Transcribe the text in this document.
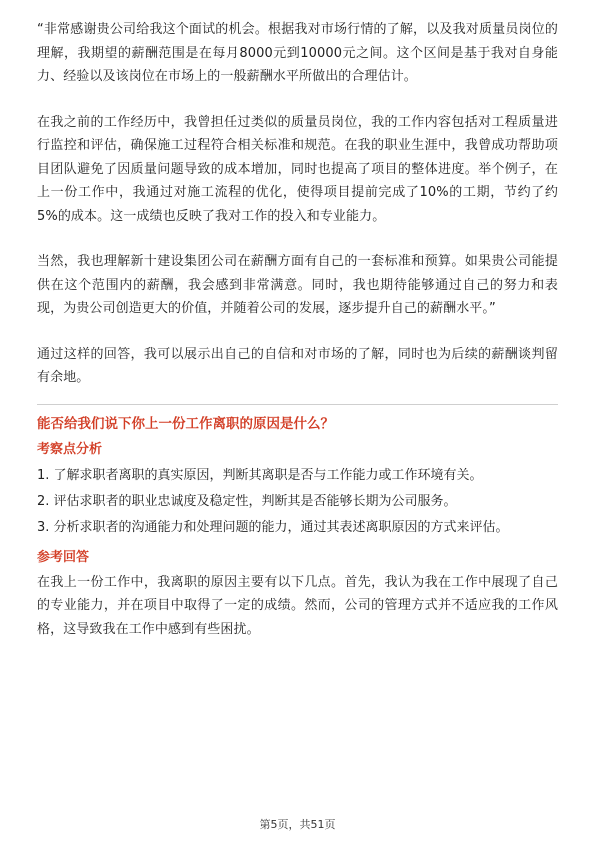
“非常感谢贵公司给我这个面试的机会。根据我对市场行情的了解，以及我对质量员岗位的理解，我期望的薪酬范围是在每月8000元到10000元之间。这个区间是基于我对自身能力、经验以及该岗位在市场上的一般薪酬水平所做出的合理估计。

在我之前的工作经历中，我曾担任过类似的质量员岗位，我的工作内容包括对工程质量进行监控和评估，确保施工过程符合相关标准和规范。在我的职业生涯中，我曾成功帮助项目团队避免了因质量问题导致的成本增加，同时也提高了项目的整体进度。举个例子，在上一份工作中，我通过对施工流程的优化，使得项目提前完成了10%的工期，节约了约5%的成本。这一成绩也反映了我对工作的投入和专业能力。

当然，我也理解新十建设集团公司在薪酬方面有自己的一套标准和预算。如果贵公司能提供在这个范围内的薪酬，我会感到非常满意。同时，我也期待能够通过自己的努力和表现，为贵公司创造更大的价值，并随着公司的发展，逐步提升自己的薪酬水平。”

通过这样的回答，我可以展示出自己的自信和对市场的了解，同时也为后续的薪酬谈判留有余地。

能否给我们说下你上一份工作离职的原因是什么？
考察点分析
1. 了解求职者离职的真实原因，判断其离职是否与工作能力或工作环境有关。
2. 评估求职者的职业忠诚度及稳定性，判断其是否能够长期为公司服务。
3. 分析求职者的沟通能力和处理问题的能力，通过其表述离职原因的方式来评估。
参考回答

在我上一份工作中，我离职的原因主要有以下几点。首先，我认为我在工作中展现了自己的专业能力，并在项目中取得了一定的成绩。然而，公司的管理方式并不适应我的工作风格，这导致我在工作中感到有些困扰。

第5页，共51页
